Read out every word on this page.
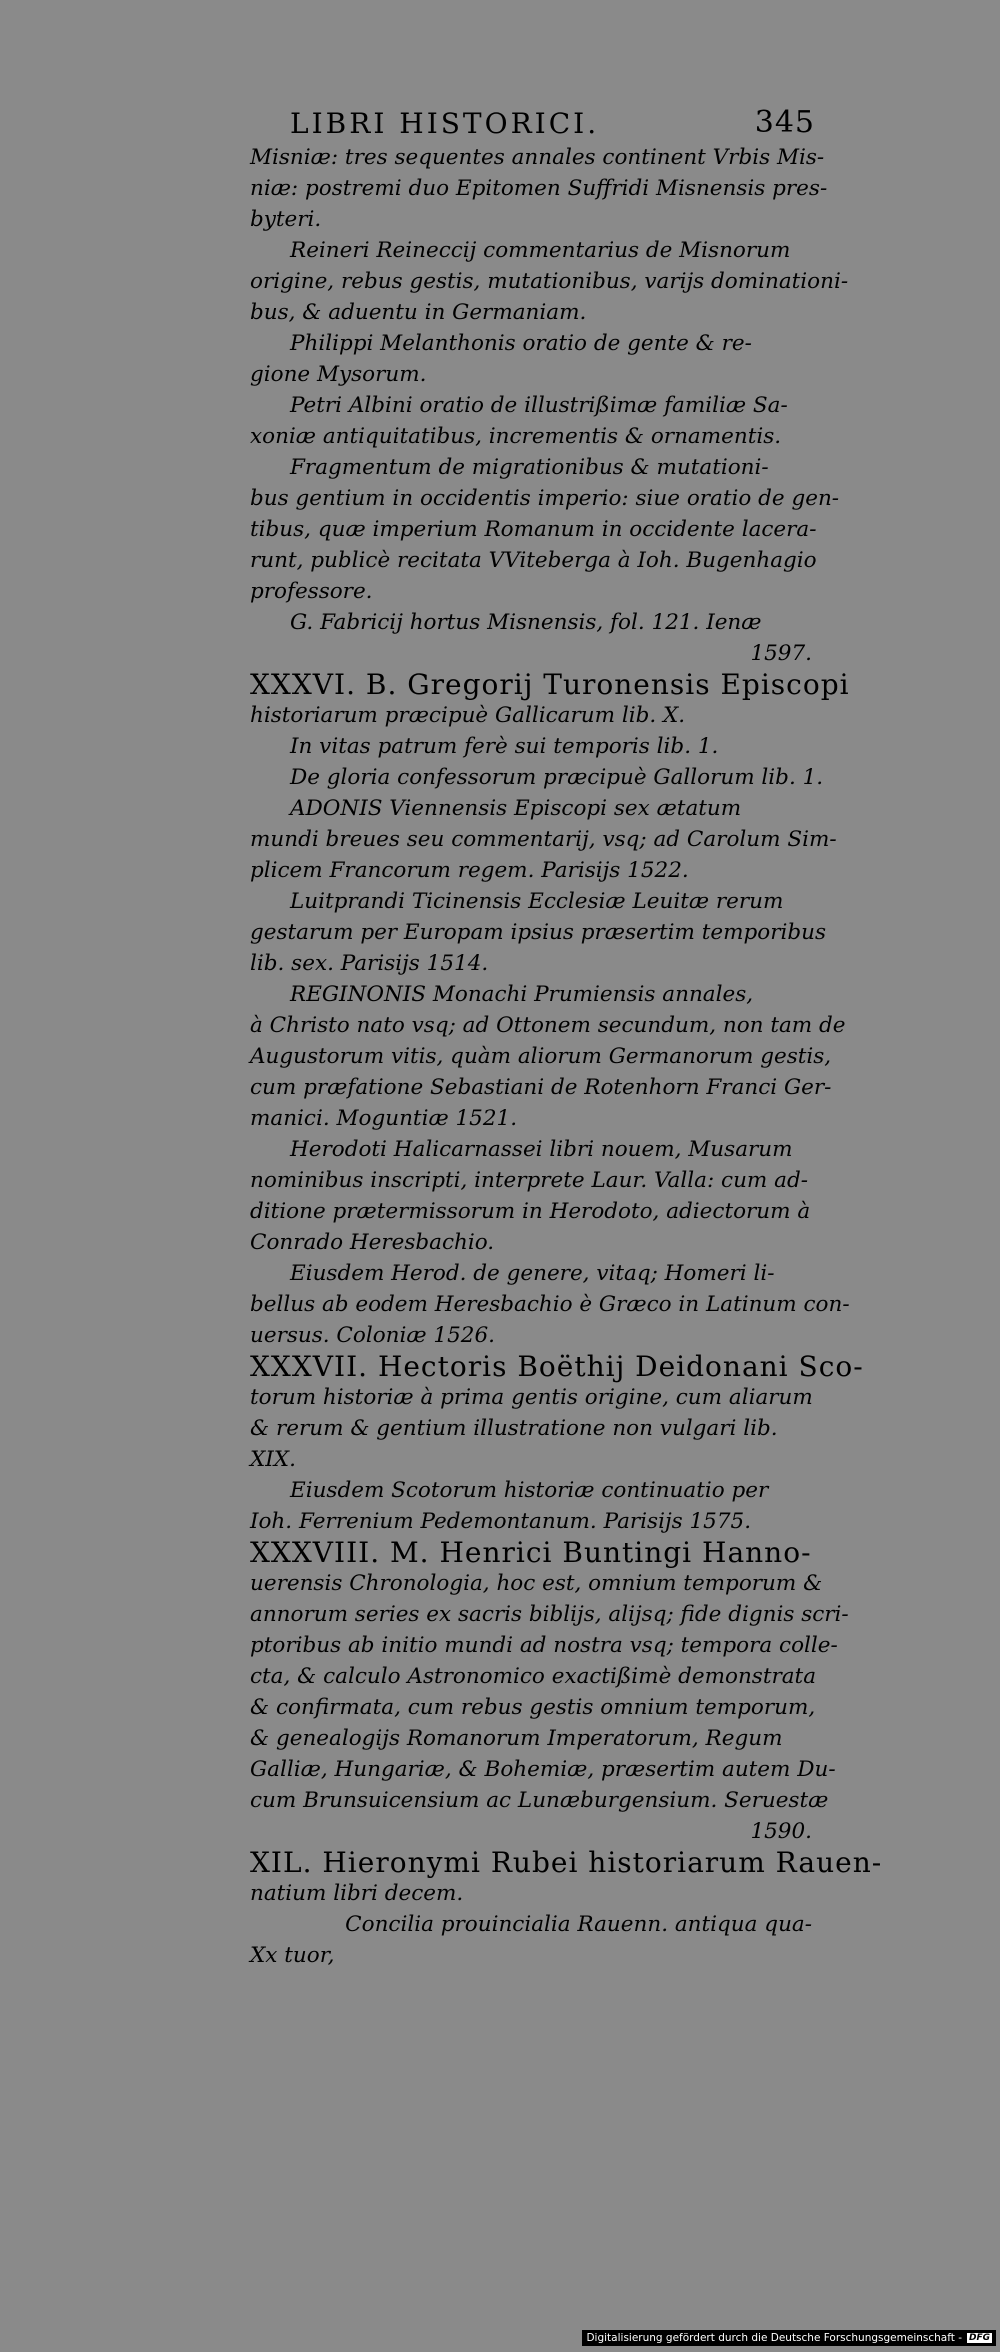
LIBRI HISTORICI.	345
Misniæ: tres sequentes annales continent Vrbis Mis-
niæ: postremi duo Epitomen Suffridi Misnensis pres-
byteri.
Reineri Reineccij commentarius de Misnorum
origine, rebus gestis, mutationibus, varijs dominationi-
bus, & aduentu in Germaniam.
Philippi Melanthonis oratio de gente & re-
gione Mysorum.
Petri Albini oratio de illustrißimæ familiæ Sa-
xoniæ antiquitatibus, incrementis & ornamentis.
Fragmentum de migrationibus & mutationi-
bus gentium in occidentis imperio: siue oratio de gen-
tibus, quæ imperium Romanum in occidente lacera-
runt, publicè recitata VViteberga à Ioh. Bugenhagio
professore.
G. Fabricij hortus Misnensis, fol. 121. Ienæ
1597.
XXXVI. B. Gregorij Turonensis Episcopi
historiarum præcipuè Gallicarum lib. X.
In vitas patrum ferè sui temporis lib. 1.
De gloria confessorum præcipuè Gallorum lib. 1.
ADONIS Viennensis Episcopi sex ætatum
mundi breues seu commentarij, vsq; ad Carolum Sim-
plicem Francorum regem. Parisijs 1522.
Luitprandi Ticinensis Ecclesiæ Leuitæ rerum
gestarum per Europam ipsius præsertim temporibus
lib. sex. Parisijs 1514.
REGINONIS Monachi Prumiensis annales,
à Christo nato vsq; ad Ottonem secundum, non tam de
Augustorum vitis, quàm aliorum Germanorum gestis,
cum præfatione Sebastiani de Rotenhorn Franci Ger-
manici. Moguntiæ 1521.
Herodoti Halicarnassei libri nouem, Musarum
nominibus inscripti, interprete Laur. Valla: cum ad-
ditione prætermissorum in Herodoto, adiectorum à
Conrado Heresbachio.
Eiusdem Herod. de genere, vitaq; Homeri li-
bellus ab eodem Heresbachio è Græco in Latinum con-
uersus. Coloniæ 1526.
XXXVII. Hectoris Boëthij Deidonani Sco-
torum historiæ à prima gentis origine, cum aliarum
& rerum & gentium illustratione non vulgari lib.
XIX.
Eiusdem Scotorum historiæ continuatio per
Ioh. Ferrenium Pedemontanum. Parisijs 1575.
XXXVIII. M. Henrici Buntingi Hanno-
uerensis Chronologia, hoc est, omnium temporum &
annorum series ex sacris biblijs, alijsq; fide dignis scri-
ptoribus ab initio mundi ad nostra vsq; tempora colle-
cta, & calculo Astronomico exactißimè demonstrata
& confirmata, cum rebus gestis omnium temporum,
& genealogijs Romanorum Imperatorum, Regum
Galliæ, Hungariæ, & Bohemiæ, præsertim autem Du-
cum Brunsuicensium ac Lunæburgensium. Seruestæ
1590.
XIL. Hieronymi Rubei historiarum Rauen-
natium libri decem.
Concilia prouincialia Rauenn. antiqua qua-
Xx tuor,
Digitalisierung gefördert durch die Deutsche Forschungsgemeinschaft - DFG
